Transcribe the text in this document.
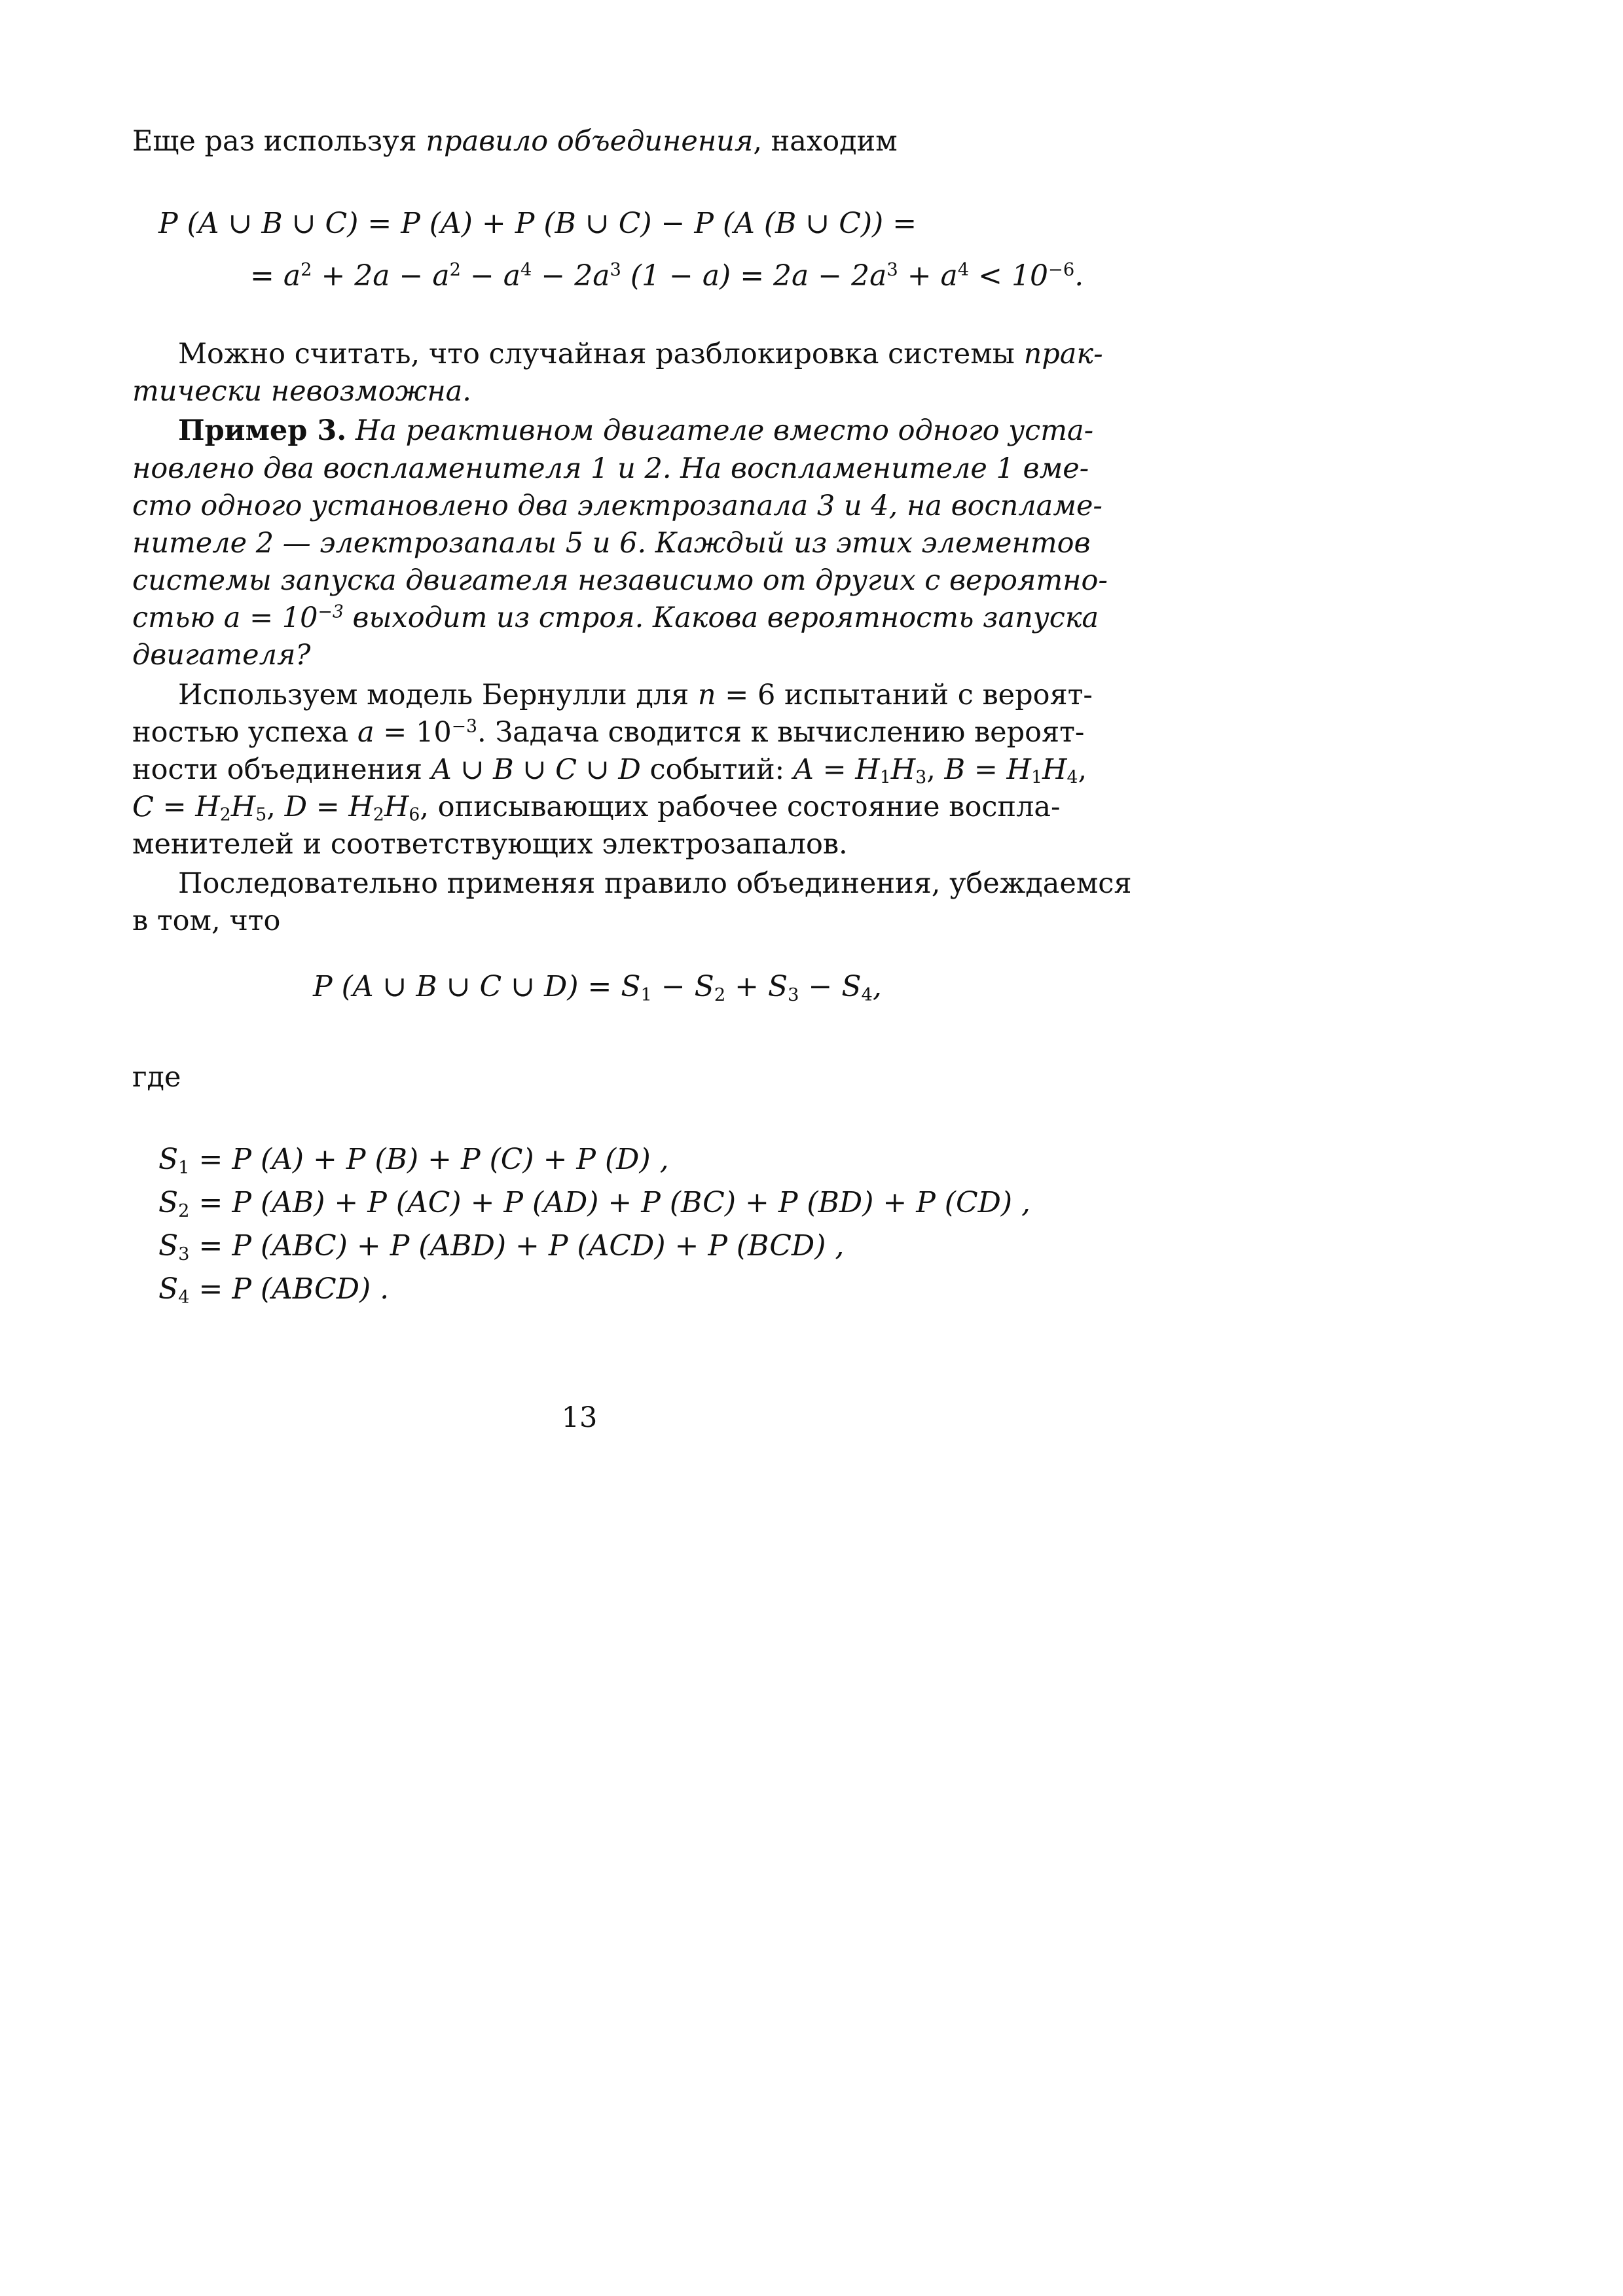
Еще раз используя правило объединения, находим
P (A ∪ B ∪ C) = P (A) + P (B ∪ C) − P (A (B ∪ C)) =
= $a^2 + 2a - a^2 - a^4 - 2a^3$ $(1 - a) = 2a - 2a^3 + a^4 < 10^{-6}$.
Можно считать, что случайная разблокировка системы прак-
тически невозможна.
Пример 3. На реактивном двигателе вместо одного уста-
новлено два воспламенителя 1 и 2. На воспламенителе 1 вме-
сто одного установлено два электрозапала 3 и 4, на воспламе-
нителе 2 — электрозапалы 5 и 6. Каждый из этих элементов
системы запуска двигателя независимо от других с вероятно-
стью $a = 10^{-3}$ выходит из строя. Какова вероятность запуска
двигателя?
Используем модель Бернулли для n = 6 испытаний с вероят-
ностью успеха $a = 10^{-3}$. Задача сводится к вычислению вероят-
ности объединения A ∪ B ∪ C ∪ D событий: $A = H_1H_3$, $B = H_1H_4$,
$C = H_2H_5$, $D = H_2H_6$, описывающих рабочее состояние воспла-
менителей и соответствующих электрозапалов.
Последовательно применяя правило объединения, убеждаемся
в том, что
P (A ∪ B ∪ C ∪ $D) = S_1 - S_2 + S_3 - S_4$,
где
$S_1 = P$ (A) + P (B) + P (C) + P (D) ,
$S_2 = P$ (AB) + P (AC) + P (AD) + P (BC) + P (BD) + P (CD) ,
$S_3 = P$ (ABC) + P (ABD) + P (ACD) + P (BCD) ,
$S_4 = P$ (ABCD) .
13
